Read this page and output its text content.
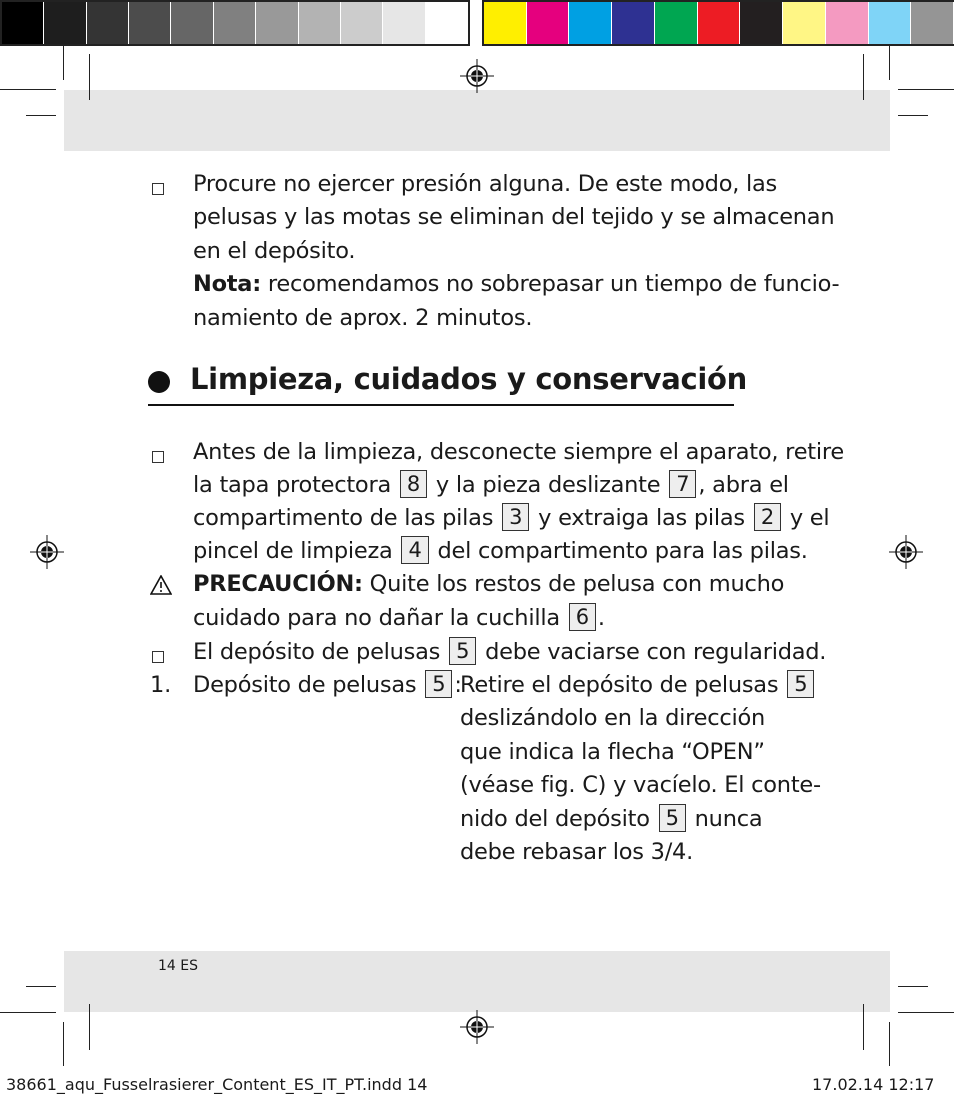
Procure no ejercer presión alguna. De este modo, las
pelusas y las motas se eliminan del tejido y se almacenan
en el depósito.
Nota: recomendamos no sobrepasar un tiempo de funcio-
namiento de aprox. 2 minutos.
Limpieza, cuidados y conservación
Antes de la limpieza, desconecte siempre el aparato, retire
la tapa protectora 8 y la pieza deslizante 7 , abra el
compartimento de las pilas 3 y extraiga las pilas 2 y el
pincel de limpieza 4 del compartimento para las pilas.
PRECAUCIÓN: Quite los restos de pelusa con mucho
cuidado para no dañar la cuchilla 6 .
El depósito de pelusas 5 debe vaciarse con regularidad.
1. Depósito de pelusas 5 :
Retire el depósito de pelusas 5
deslizándolo en la dirección
que indica la flecha “OPEN”
(véase fig. C) y vacíelo. El conte-
nido del depósito 5 nunca
debe rebasar los 3/4.
14 ES
38661_aqu_Fusselrasierer_Content_ES_IT_PT.indd 14	17.02.14 12:17
